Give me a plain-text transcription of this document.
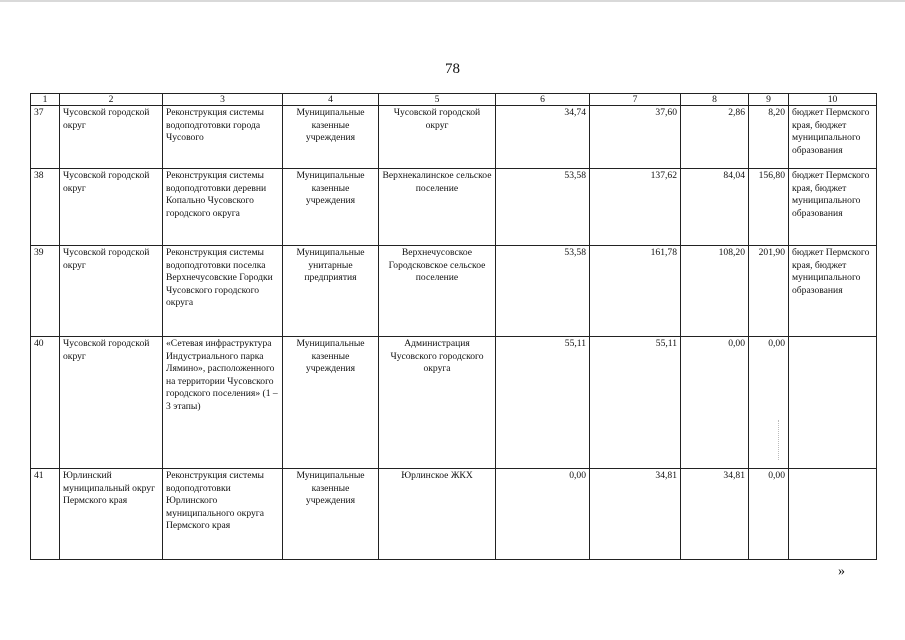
78
1	2	3	4	5	6	7	8	9	10
37	Чусовской городской округ	Реконструкция системы водоподготовки города Чусового	Муниципальные казенные учреждения	Чусовской городской округ	34,74	37,60	2,86	8,20	бюджет Пермского края, бюджет муниципального образования
38	Чусовской городской округ	Реконструкция системы водоподготовки деревни Копально Чусовского городского округа	Муниципальные казенные учреждения	Верхнекалинское сельское поселение	53,58	137,62	84,04	156,80	бюджет Пермского края, бюджет муниципального образования
39	Чусовской городской округ	Реконструкция системы водоподготовки поселка Верхнечусовские Городки Чусовского городского округа	Муниципальные унитарные предприятия	Верхнечусовское Городсковское сельское поселение	53,58	161,78	108,20	201,90	бюджет Пермского края, бюджет муниципального образования
40	Чусовской городской округ	«Сетевая инфраструктура Индустриального парка Лямино», расположенного на территории Чусовского городского поселения» (1 – 3 этапы)	Муниципальные казенные учреждения	Администрация Чусовского городского округа	55,11	55,11	0,00	0,00	
41	Юрлинский муниципальный округ Пермского края	Реконструкция системы водоподготовки Юрлинского муниципального округа Пермского края	Муниципальные казенные учреждения	Юрлинское ЖКХ	0,00	34,81	34,81	0,00	
»
